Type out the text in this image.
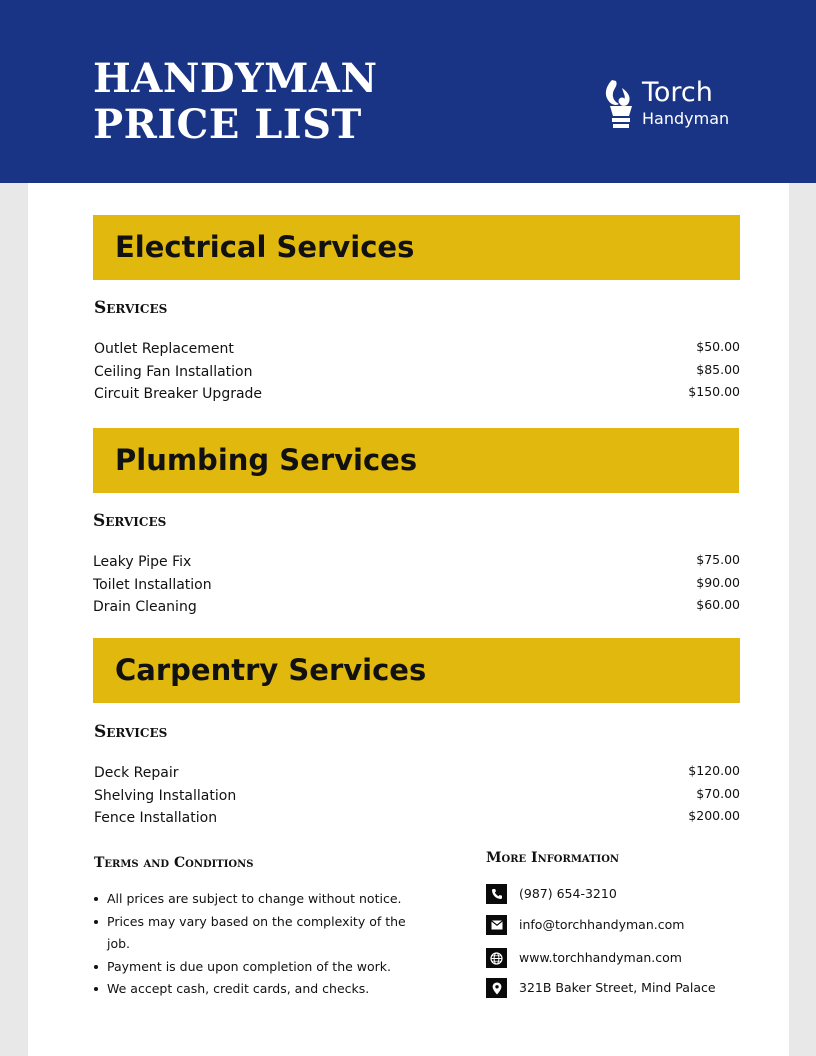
HANDYMAN
PRICE LIST
Torch
Handyman
Electrical Services
Services
Outlet Replacement	$50.00
Ceiling Fan Installation	$85.00
Circuit Breaker Upgrade	$150.00
Plumbing Services
Services
Leaky Pipe Fix	$75.00
Toilet Installation	$90.00
Drain Cleaning	$60.00
Carpentry Services
Services
Deck Repair	$120.00
Shelving Installation	$70.00
Fence Installation	$200.00
Terms and Conditions
All prices are subject to change without notice.
Prices may vary based on the complexity of the job.
Payment is due upon completion of the work.
We accept cash, credit cards, and checks.
More Information
(987) 654-3210
info@torchhandyman.com
www.torchhandyman.com
321B Baker Street, Mind Palace
